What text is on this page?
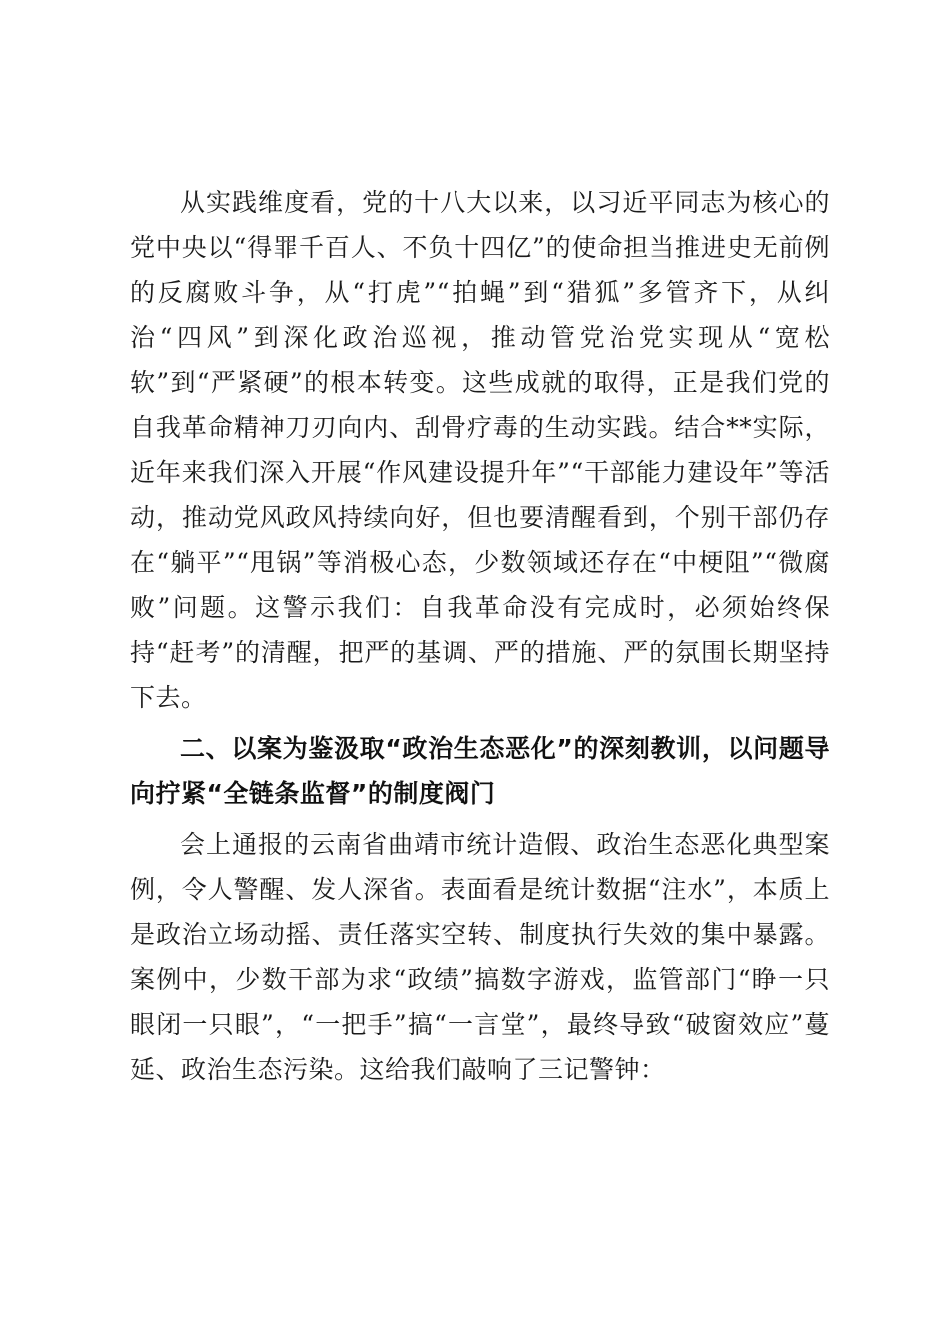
从实践维度看，党的十八大以来，以习近平同志为核心的党中央以“得罪千百人、不负十四亿”的使命担当推进史无前例的反腐败斗争，从“打虎”“拍蝇”到“猎狐”多管齐下，从纠治“四风”到深化政治巡视，推动管党治党实现从“宽松软”到“严紧硬”的根本转变。这些成就的取得，正是我们党的自我革命精神刀刃向内、刮骨疗毒的生动实践。结合**实际，近年来我们深入开展“作风建设提升年”“干部能力建设年”等活动，推动党风政风持续向好，但也要清醒看到，个别干部仍存在“躺平”“甩锅”等消极心态，少数领域还存在“中梗阻”“微腐败”问题。这警示我们：自我革命没有完成时，必须始终保持“赶考”的清醒，把严的基调、严的措施、严的氛围长期坚持下去。

二、以案为鉴汲取“政治生态恶化”的深刻教训，以问题导向拧紧“全链条监督”的制度阀门

会上通报的云南省曲靖市统计造假、政治生态恶化典型案例，令人警醒、发人深省。表面看是统计数据“注水”，本质上是政治立场动摇、责任落实空转、制度执行失效的集中暴露。案例中，少数干部为求“政绩”搞数字游戏，监管部门“睁一只眼闭一只眼”，“一把手”搞“一言堂”，最终导致“破窗效应”蔓延、政治生态污染。这给我们敲响了三记警钟：
